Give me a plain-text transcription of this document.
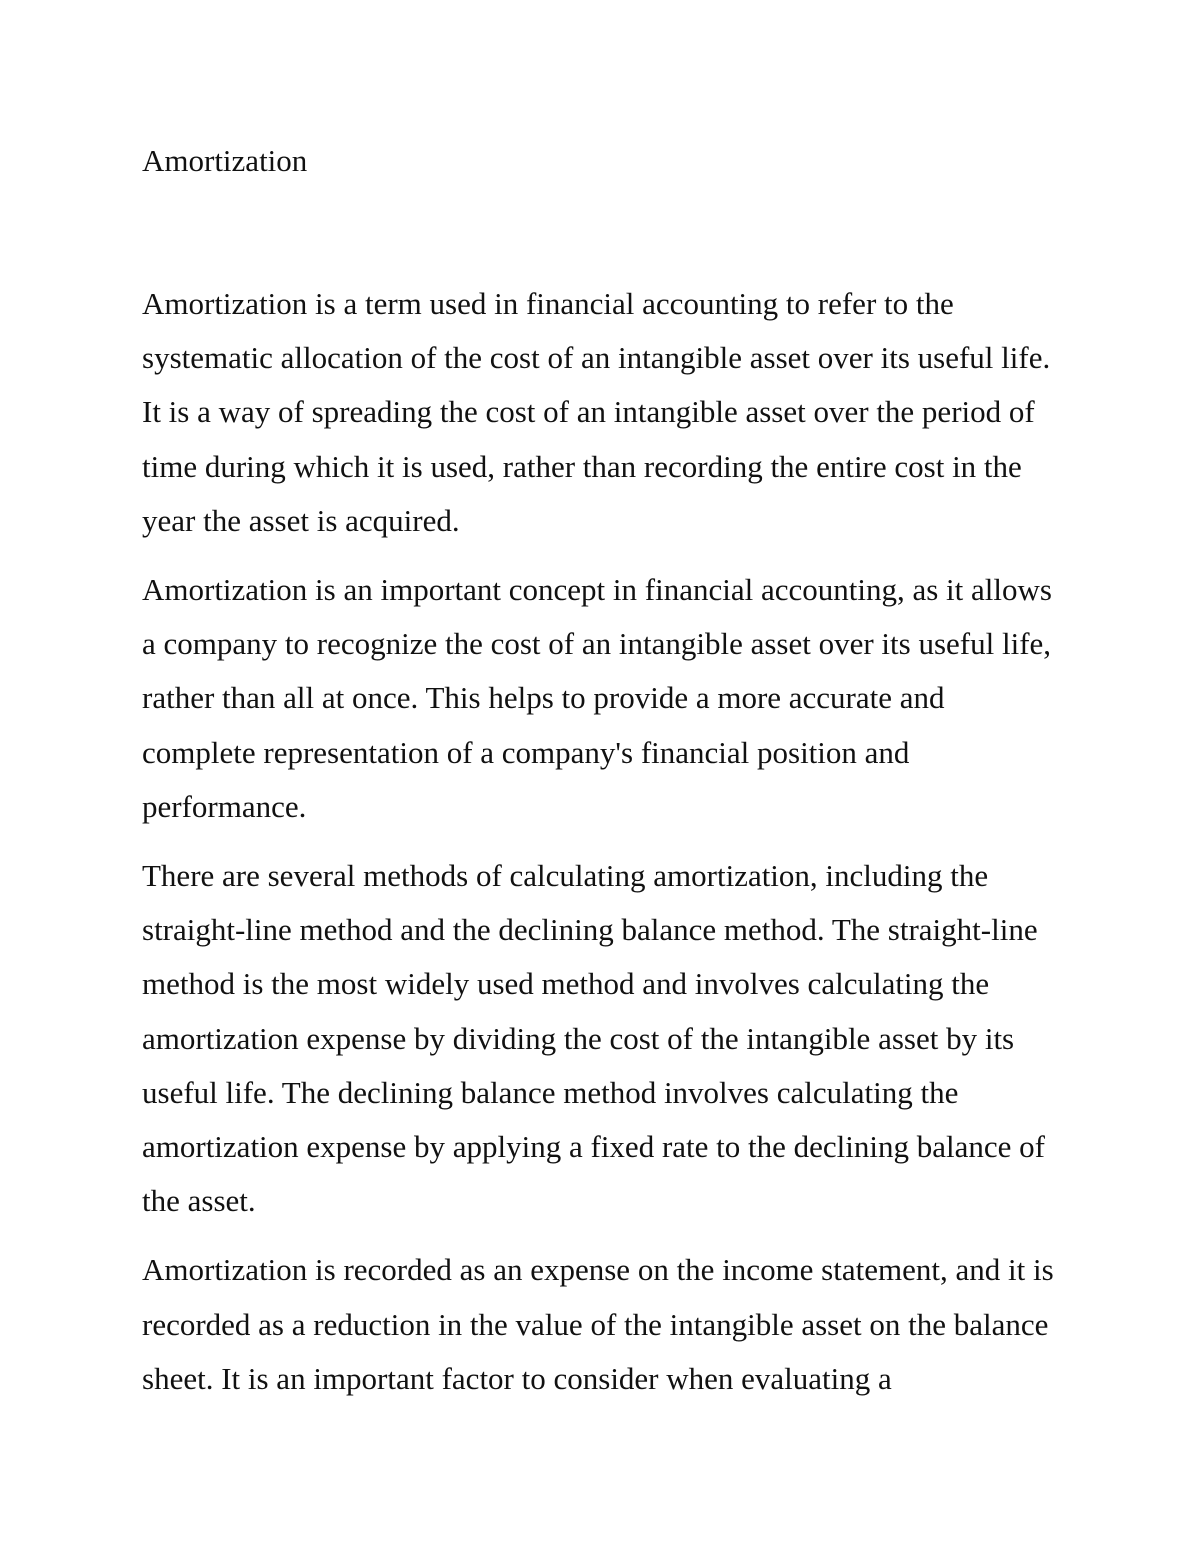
Amortization

Amortization is a term used in financial accounting to refer to the systematic allocation of the cost of an intangible asset over its useful life. It is a way of spreading the cost of an intangible asset over the period of time during which it is used, rather than recording the entire cost in the year the asset is acquired.

Amortization is an important concept in financial accounting, as it allows a company to recognize the cost of an intangible asset over its useful life, rather than all at once. This helps to provide a more accurate and complete representation of a company's financial position and performance.

There are several methods of calculating amortization, including the straight-line method and the declining balance method. The straight-line method is the most widely used method and involves calculating the amortization expense by dividing the cost of the intangible asset by its useful life. The declining balance method involves calculating the amortization expense by applying a fixed rate to the declining balance of the asset.

Amortization is recorded as an expense on the income statement, and it is recorded as a reduction in the value of the intangible asset on the balance sheet. It is an important factor to consider when evaluating a
